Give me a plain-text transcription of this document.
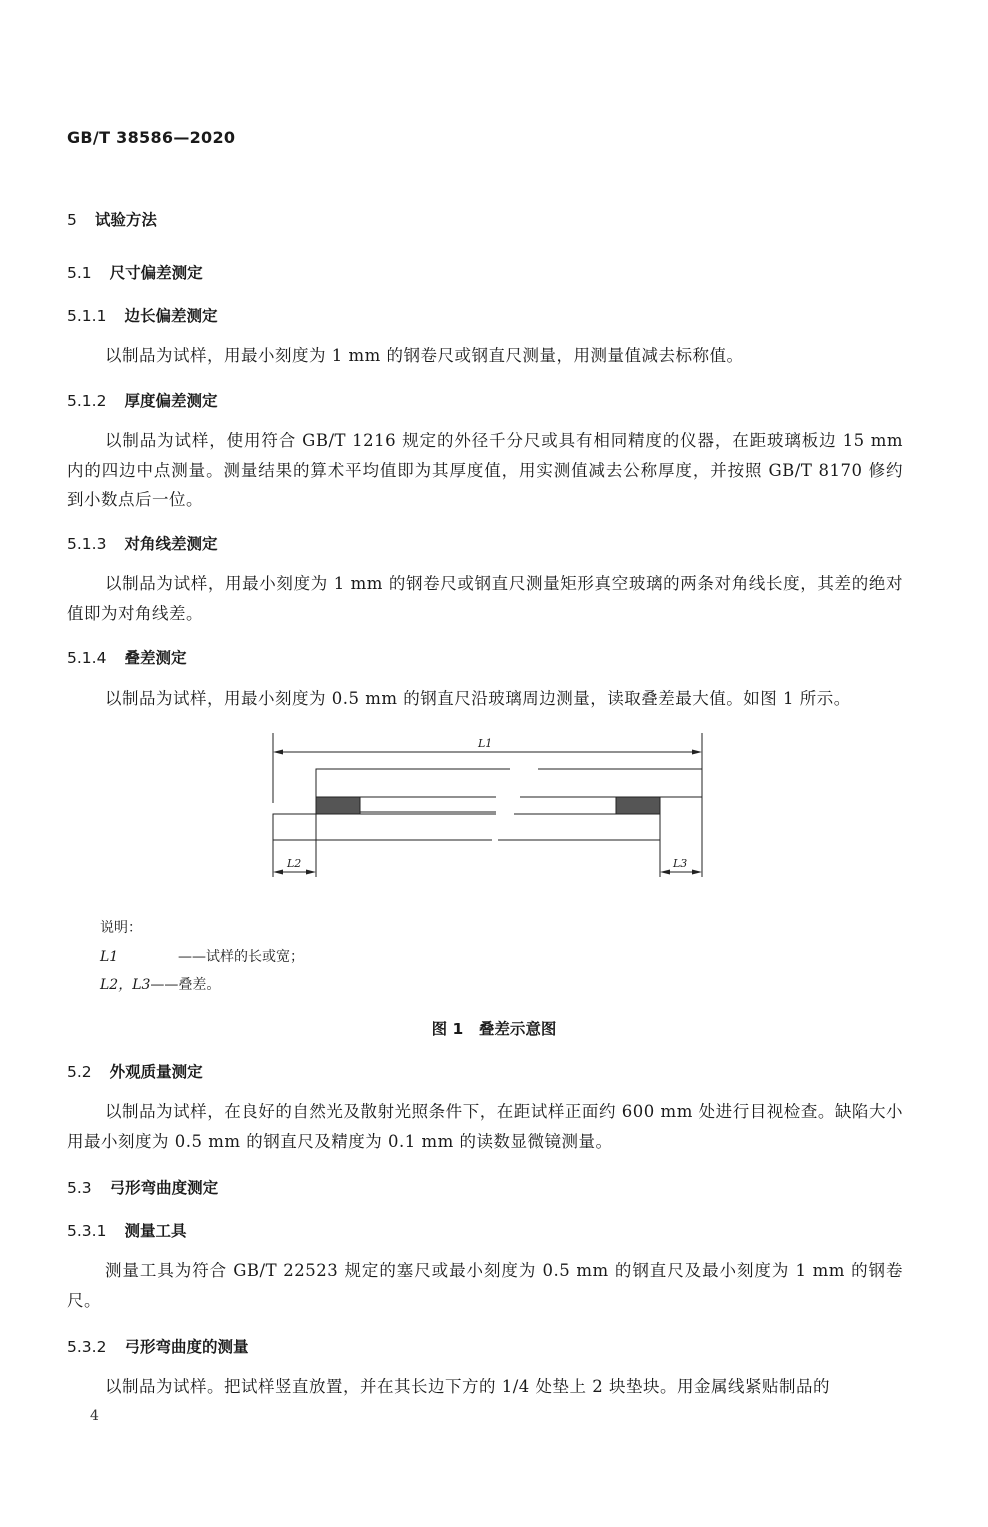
GB/T 38586—2020
5 试验方法
5.1 尺寸偏差测定
5.1.1 边长偏差测定

以制品为试样，用最小刻度为 1 mm 的钢卷尺或钢直尺测量，用测量值减去标称值。

5.1.2 厚度偏差测定

以制品为试样，使用符合 GB/T 1216 规定的外径千分尺或具有相同精度的仪器，在距玻璃板边 15 mm 内的四边中点测量。测量结果的算术平均值即为其厚度值，用实测值减去公称厚度，并按照 GB/T 8170 修约到小数点后一位。

5.1.3 对角线差测定

以制品为试样，用最小刻度为 1 mm 的钢卷尺或钢直尺测量矩形真空玻璃的两条对角线长度，其差的绝对值即为对角线差。

5.1.4 叠差测定

以制品为试样，用最小刻度为 0.5 mm 的钢直尺沿玻璃周边测量，读取叠差最大值。如图 1 所示。

L1
L2	L3
说明：
L1	——试样的长或宽；
L2，L3——叠差。
图 1　叠差示意图
5.2 外观质量测定

以制品为试样，在良好的自然光及散射光照条件下，在距试样正面约 600 mm 处进行目视检查。缺陷大小用最小刻度为 0.5 mm 的钢直尺及精度为 0.1 mm 的读数显微镜测量。

5.3 弓形弯曲度测定
5.3.1 测量工具

测量工具为符合 GB/T 22523 规定的塞尺或最小刻度为 0.5 mm 的钢直尺及最小刻度为 1 mm 的钢卷尺。

5.3.2 弓形弯曲度的测量

以制品为试样。把试样竖直放置，并在其长边下方的 1/4 处垫上 2 块垫块。用金属线紧贴制品的

4
